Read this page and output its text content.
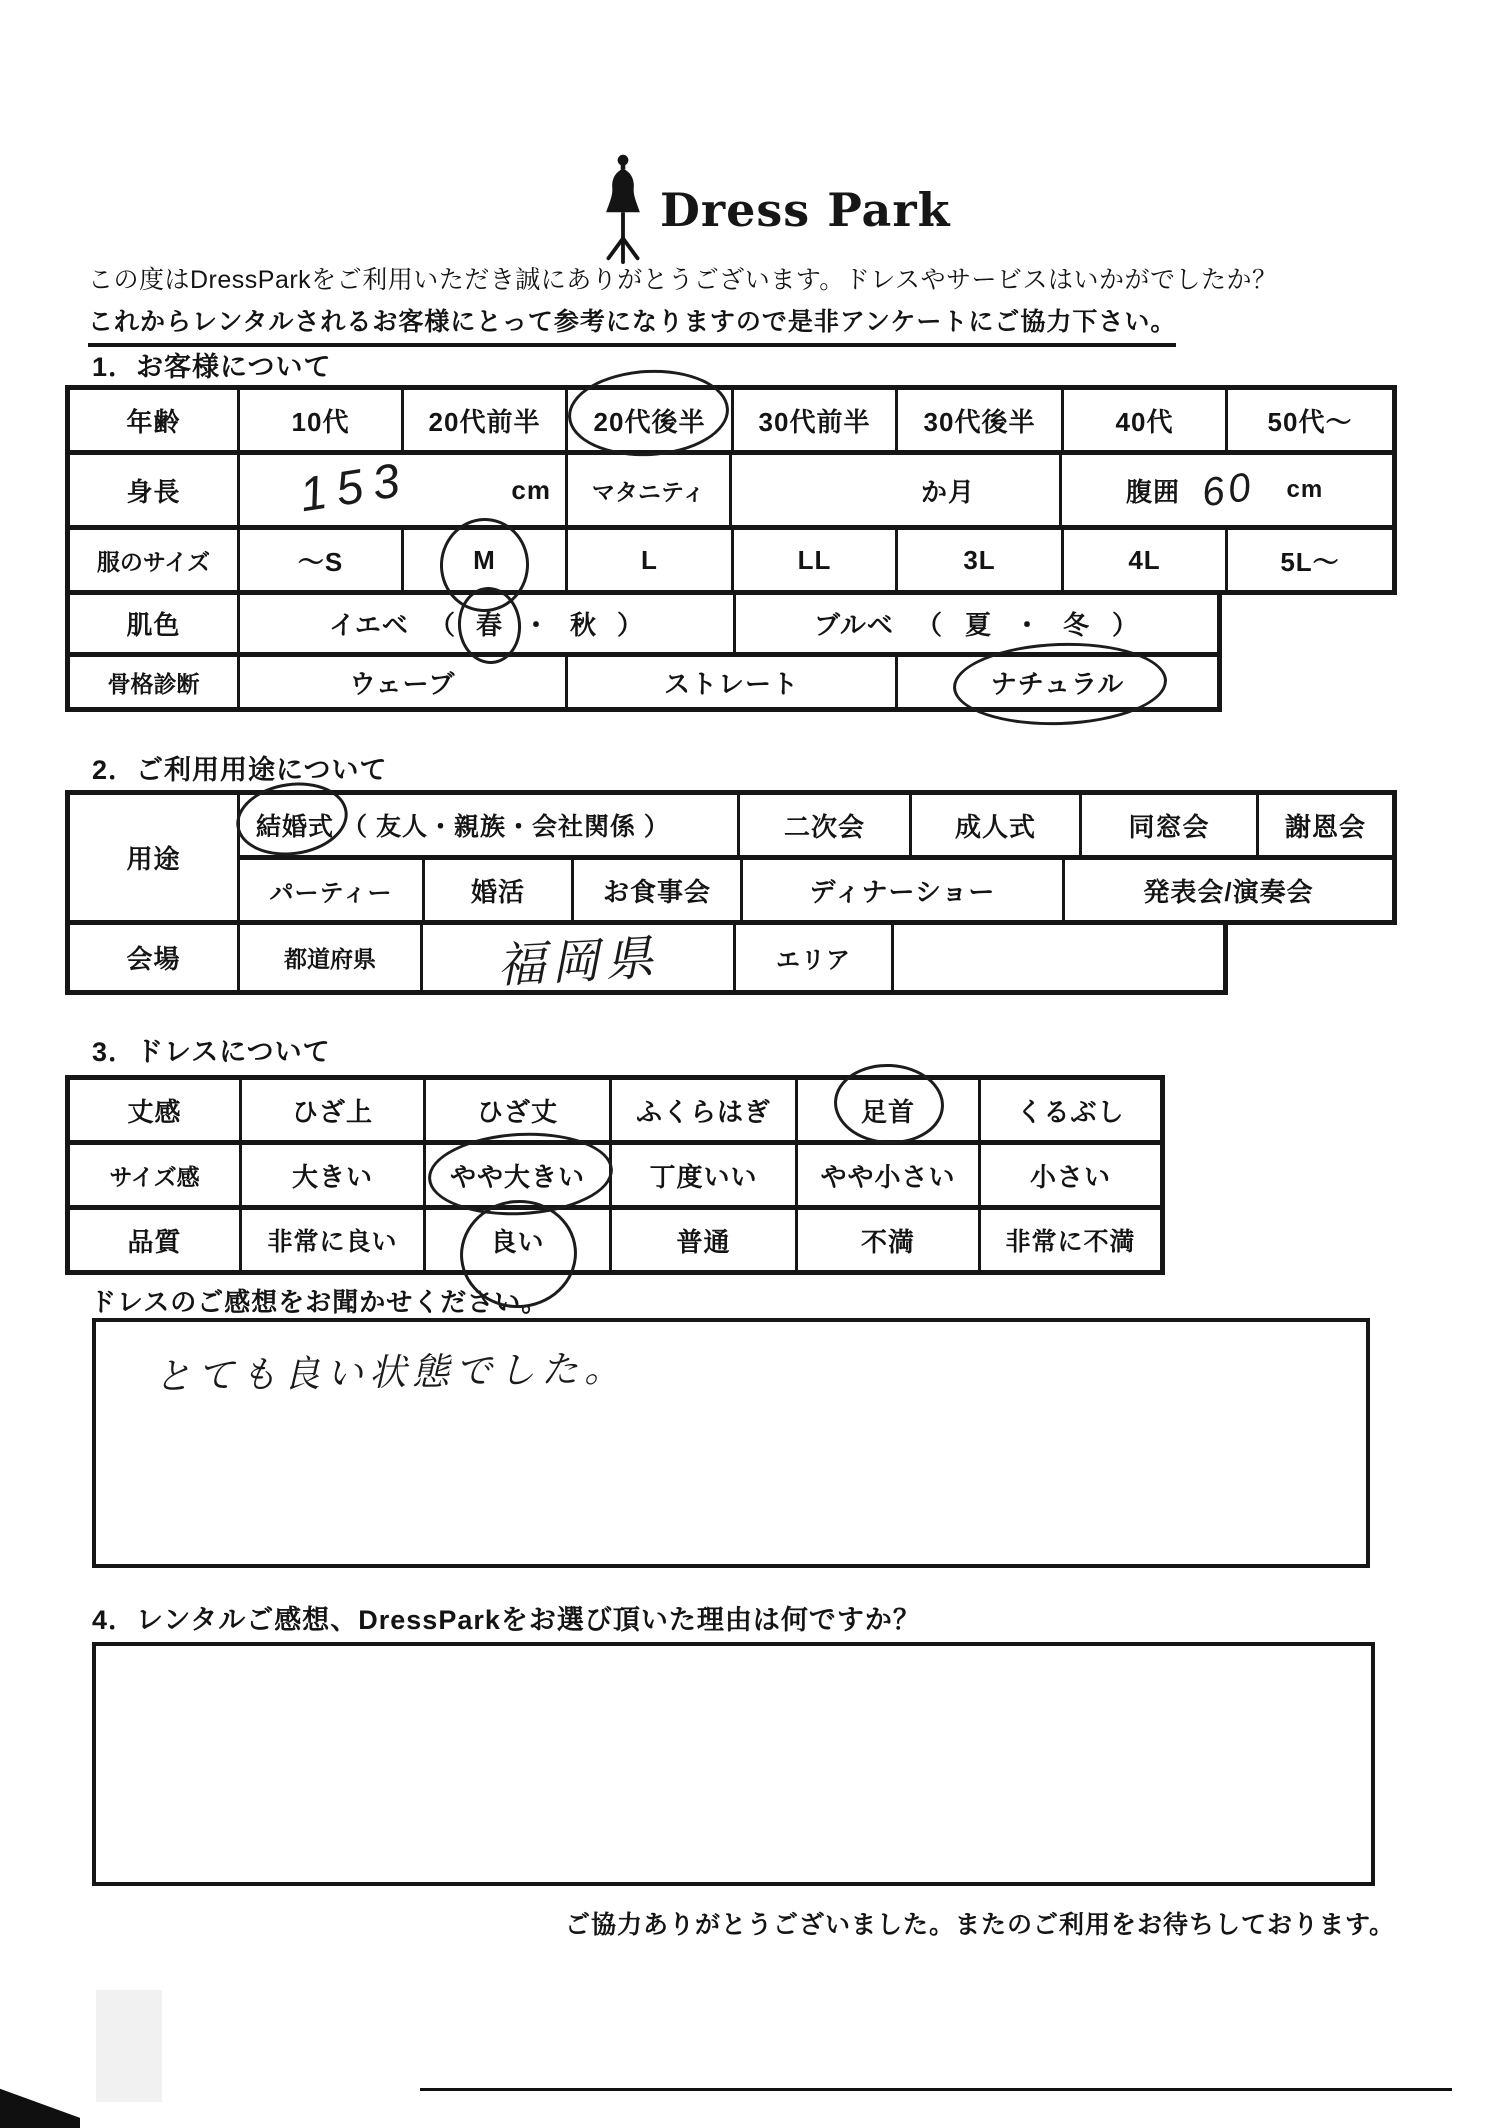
Dress Park
この度はDressParkをご利用いただき誠にありがとうございます。ドレスやサービスはいかがでしたか？
これからレンタルされるお客様にとって参考になりますので是非アンケートにご協力下さい。
1．お客様について
年齢	10代	20代前半	20代後半	30代前半	30代後半	40代	50代～
身長	153	cm	マタニティ	か月	腹囲 60 cm
服のサイズ	～S	M	L	LL	3L	4L	5L～
肌色	イエベ （ 春 ・ 秋 ）	ブルベ （ 夏 ・ 冬 ）
骨格診断	ウェーブ	ストレート	ナチュラル
2．ご利用用途について
用途
結婚式 （ 友人・親族・会社関係 ）	二次会	成人式	同窓会	謝恩会
パーティー	婚活	お食事会	ディナーショー	発表会/演奏会
会場	都道府県	福岡県	エリア
3．ドレスについて
丈感	ひざ上	ひざ丈	ふくらはぎ	足首	くるぶし
サイズ感	大きい	やや大きい	丁度いい	やや小さい	小さい
品質	非常に良い	良い	普通	不満	非常に不満
ドレスのご感想をお聞かせください。
とても良い状態でした。
4．レンタルご感想、DressParkをお選び頂いた理由は何ですか？
ご協力ありがとうございました。またのご利用をお待ちしております。
